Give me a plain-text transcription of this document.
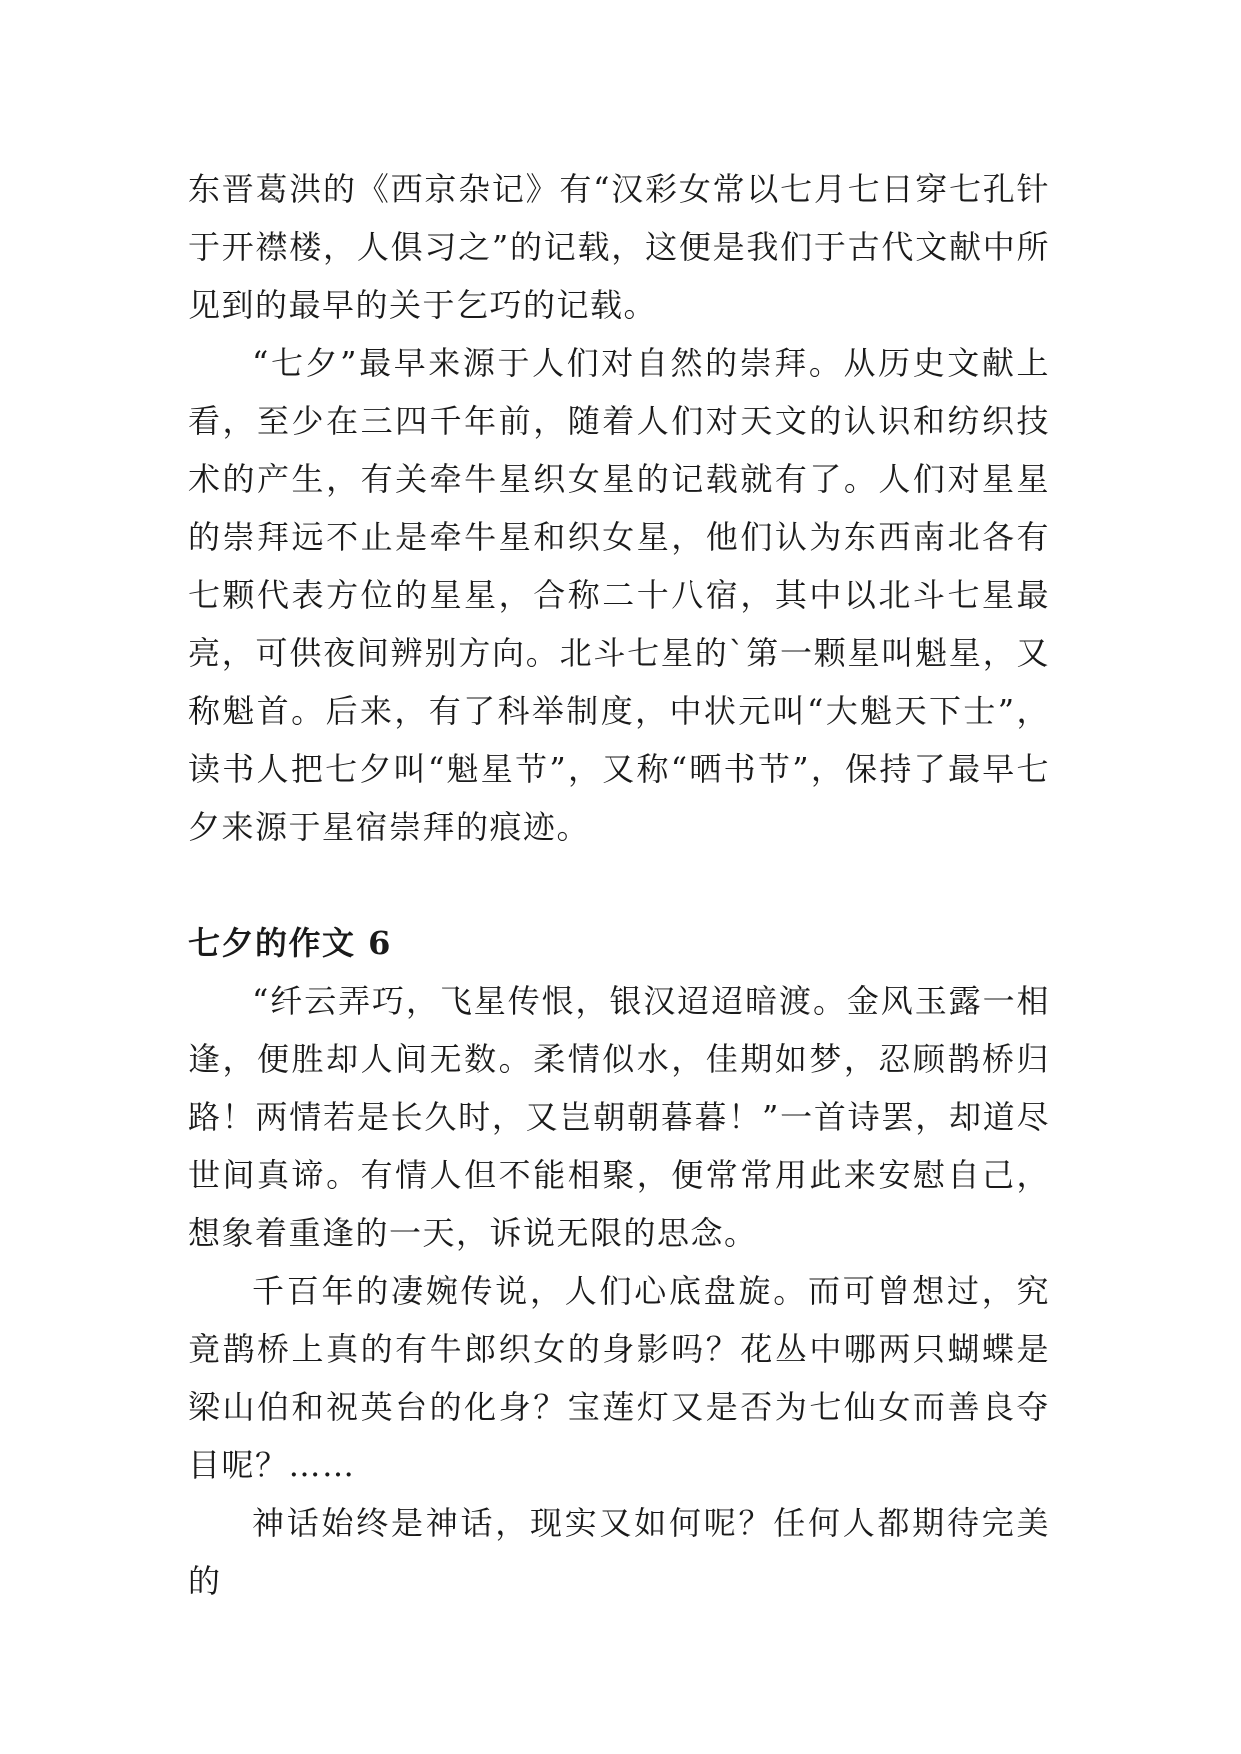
东晋葛洪的《西京杂记》有“汉彩女常以七月七日穿七孔针于开襟楼，人俱习之”的记载，这便是我们于古代文献中所见到的最早的关于乞巧的记载。

“七夕”最早来源于人们对自然的崇拜。从历史文献上看，至少在三四千年前，随着人们对天文的认识和纺织技术的产生，有关牵牛星织女星的记载就有了。人们对星星的崇拜远不止是牵牛星和织女星，他们认为东西南北各有七颗代表方位的星星，合称二十八宿，其中以北斗七星最亮，可供夜间辨别方向。北斗七星的`第一颗星叫魁星，又称魁首。后来，有了科举制度，中状元叫“大魁天下士”，读书人把七夕叫“魁星节”，又称“晒书节”，保持了最早七夕来源于星宿崇拜的痕迹。

七夕的作文 6

“纤云弄巧，飞星传恨，银汉迢迢暗渡。金风玉露一相逢，便胜却人间无数。柔情似水，佳期如梦，忍顾鹊桥归路！两情若是长久时，又岂朝朝暮暮！”一首诗罢，却道尽世间真谛。有情人但不能相聚，便常常用此来安慰自己，想象着重逢的一天，诉说无限的思念。

千百年的凄婉传说，人们心底盘旋。而可曾想过，究竟鹊桥上真的有牛郎织女的身影吗？花丛中哪两只蝴蝶是梁山伯和祝英台的化身？宝莲灯又是否为七仙女而善良夺目呢？……

神话始终是神话，现实又如何呢？任何人都期待完美的
